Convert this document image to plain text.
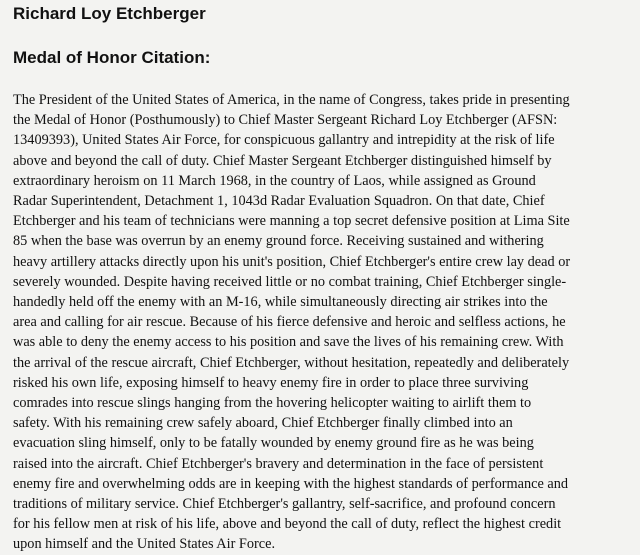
Richard Loy Etchberger
Medal of Honor Citation:

The President of the United States of America, in the name of Congress, takes pride in presenting
the Medal of Honor (Posthumously) to Chief Master Sergeant Richard Loy Etchberger (AFSN:
13409393), United States Air Force, for conspicuous gallantry and intrepidity at the risk of life
above and beyond the call of duty. Chief Master Sergeant Etchberger distinguished himself by
extraordinary heroism on 11 March 1968, in the country of Laos, while assigned as Ground
Radar Superintendent, Detachment 1, 1043d Radar Evaluation Squadron. On that date, Chief
Etchberger and his team of technicians were manning a top secret defensive position at Lima Site
85 when the base was overrun by an enemy ground force. Receiving sustained and withering
heavy artillery attacks directly upon his unit's position, Chief Etchberger's entire crew lay dead or
severely wounded. Despite having received little or no combat training, Chief Etchberger single-
handedly held off the enemy with an M-16, while simultaneously directing air strikes into the
area and calling for air rescue. Because of his fierce defensive and heroic and selfless actions, he
was able to deny the enemy access to his position and save the lives of his remaining crew. With
the arrival of the rescue aircraft, Chief Etchberger, without hesitation, repeatedly and deliberately
risked his own life, exposing himself to heavy enemy fire in order to place three surviving
comrades into rescue slings hanging from the hovering helicopter waiting to airlift them to
safety. With his remaining crew safely aboard, Chief Etchberger finally climbed into an
evacuation sling himself, only to be fatally wounded by enemy ground fire as he was being
raised into the aircraft. Chief Etchberger's bravery and determination in the face of persistent
enemy fire and overwhelming odds are in keeping with the highest standards of performance and
traditions of military service. Chief Etchberger's gallantry, self-sacrifice, and profound concern
for his fellow men at risk of his life, above and beyond the call of duty, reflect the highest credit
upon himself and the United States Air Force.
